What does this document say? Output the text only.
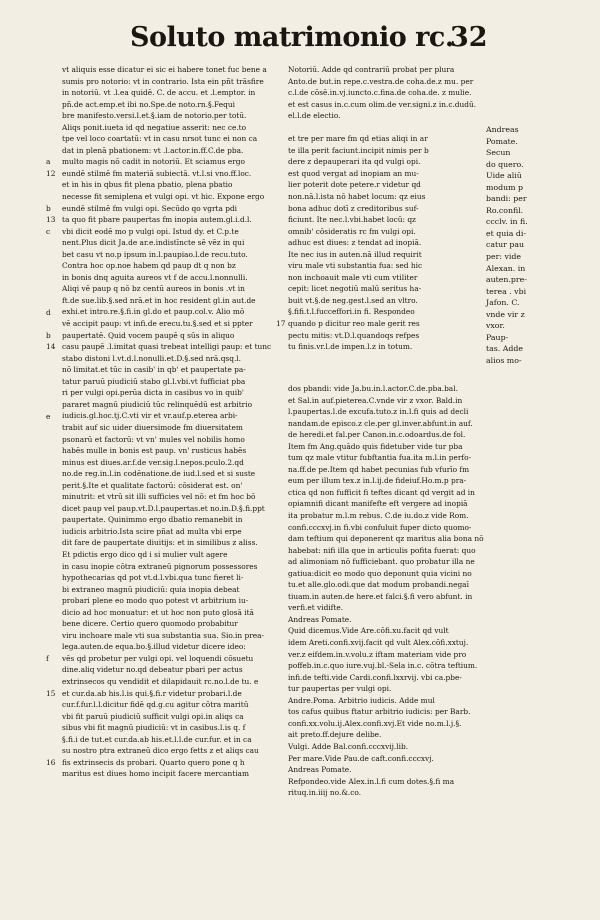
Soluto matrimonio rc.
32
a
12
b
13
c
d
b
14
e
f
15
16
vt aliquis esse dicatur ei sic ei habere tonet fuc bene a
sumis pro notorio: vt in contrario. Ista ein pñt trāsfire
in notoriū. vt .l.ea quidē. C. de accu. et .l.emptor. in
pñ.de act.emp.et ibi no.Spe.de noto.rn.§.Fequi
bre manifesto.versi.l.et.§.iam de notorio.per totū.
Aliqs ponit.iueta id qd negatiue asserit: nec ce.to
tpe vel loco coartatū: vt in casu nrsot tunc ei non ca
dat in plenā pbationem: vt .l.actor.in.ff.C.de pba.
multo magis nō cadit in notoriū. Et sciamus ergo
eundē stilmē fm materiā subiectā. vt.l.si vno.ff.loc.
et in his in qbus fit plena pbatio, plena pbatio
necesse fit semiplena et vulgi opi. vt hic. Expone ergo
eundē stilmē fm vulgi opi. Secūdo qo vgrta pdi
ta quo fit pbare paupertas fm inopia autem.gl.i.d.l.
vbi dicit eodē mo p vulgi opi. Istud dy. et C.p.te
nent.Plus dicit Ja.de ar.e.indistīncte sē vēz in qui
bet casu vt no.p ipsum in.l.paupiao.l.de recu.tuto.
Contra hoc op.noe habem qd paup dt q non bz
in bonis dnq aguita aureos vt f de accu.l.nonnulli.
Aliqi vē paup q nō bz centū aureos in bonis .vt in
ft.de sue.lib.§.sed nrā.et in hoc resident gl.in aut.de
exhi.et intro.re.§.fi.in gl.do et paup.col.v. Alio mō
vē accipit paup: vt infi.de erecu.tu.§.sed et si ppter
paupertatē. Quid vocem paupē q sūs in aliquo
casu paupē .l.imitat quasi trebeat intelligi paup: et tunc
stabo distoni l.vt.d.l.nonulli.et.D.§.sed nrā.qsq.l.
nō limitat.et tūc in casib' in qb' et paupertate pa-
tatur paruū piudiciū stabo gl.l.vbi.vt fufficiat pba
ri per vulgi opi.perūa dicta in casibus vo in quib'
pararet magnū piudiciū tūc relinquēdū est arbitrio
iudicis.gl.hoc.tj.C.vti vir et vr.auf.p.eterea arbi-
trabit auf sic uider diuersimode fm diuersitatem
psonarū et factorū: vt vn' mules vel nobilis homo
habēs mulle in bonis est paup. vn' rusticus habēs
minus est diues.ar.f.de ver.sig.l.nepos.pculo.2.qd
no.de reg.in.l.in codēnatione.de iud.l.sed et si suste
perit.§.Ite et qualitate factorū: cōsiderat est. on'
minutrit: et vtrū sit illi sufficies vel nō: et fm hoc bō
dicet paup vel paup.vt.D.l.paupertas.et no.in.D.§.fi.ppt
paupertate. Quinimmo ergo dbatio remanebit in
iudicis arbitrio.Ista scire pñat ad multa vbi erpe
dit fare de paupertate diuitijs: et in similibus z aliss.
Et pdictis ergo dico qd i si mulier vult agere
in casu inopie cōtra extraneū pignorum possessores
hypothecarias qd pot vt.d.l.vbi.qua tunc fieret li-
bi extraneo magnū piudiciū: quia inopia debeat
probari plene eo modo quo potest vt arbitrium iu-
dicio ad hoc monuatur: et ut hoc non puto glosā itā
bene dicere. Certio quero quomodo probabitur
viru inchoare male vti sua substantia sua. Sio.in prea-
lega.auten.de equa.bo.§.illud videtur dicere ideo:
vēs qd probetur per vulgi opi. vel loquendi cōsuetu
dine.aliq videtur no.qd debeatur pbari per actus
extrinsecos qu vendidit et dilapidauit rc.no.l.de tu. e
et cur.da.ab his.l.is qui.§.fi.r videtur probari.l.de
cur.f.fur.l.l.dicitur fidē qd.g.cu agitur cōtra maritū
vbi fit paruū piudiciū sufficit vulgi opi.in aliqs ca
sibus vbi fit magnū piudiciū: vt in casibus.l.is q. f
§.fi.i de tut.et cur.da.ab his.et.l.l.de cur.fur. et in ca
su nostro ptra extraneū dico ergo fetts z et aliqs cau
fis extrinsecis ds probari. Quarto quero pone q h
maritus est diues homo incipit facere mercantiam
Notoriū. Adde qd contrariū probat per plura
Anto.de but.in repe.c.vestra.de coha.de.z mu. per
c.l.de cōsē.in.vj.iuncto.c.fina.de coha.de. z mulie.
et est casus in.c.cum olim.de ver.signi.z in.c.dudū.
el.l.de electio.
et tre per mare fm qd etias aliqi in ar
te illa perit faciunt.incipit nimis per b
dere z depauperari ita qd vulgi opi.
est quod vergat ad inopiam an mu-
lier poterit dote petere.r videtur qd
non.nā.l.ista nō habet locum: qz eius
bona adhuc dotī z creditoribus suf-
ficiunt. Ite nec.l.vbi.habet locū: qz
omnib' cōsideratis rc fm vulgi opi.
adhuc est diues: z tendat ad inopiā.
Ite nec ius in auten.nā illud requirit
viru male vti substantia fua: sed hic
non inchoauit male vti cum vtiliter
cepit: licet negotiū malū seritus ha-
buit vt.§.de neg.gest.l.sed an vltro.
§.fifi.t.l.fucceffori.in fi. Respondeo
quando p dicitur reo male gerit res
pectu mitis: vt.D.l.quandoqs refpes
tu finis.vr.l.de impen.l.z in totum.
17
dos pbandi: vide Ja.bu.in.l.actor.C.de.pba.bal.
et Sal.in auf.pieterea.C.vnde vir z vxor. Bald.in
l.paupertas.l.de excufa.tuto.z in.l.fi quis ad decli
nandam.de episco.z cle.per gl.inver.abfunt.in auf.
de heredi.et fal.per Canon.in.c.odoardus.de fol.
Item fm Ang.quādo quis fidetuber vide tur pba
tum qz male vtitur fubftantia fua.ita m.l.in perfo-
na.ff.de pe.Item qd habet pecunias fub vfurīo fm
eum per illum tex.z in.l.ij.de fideiuf.Ho.m.p pra-
ctica qd non fufficit fi teftes dicant qd vergit ad in
opiamnifi dicant manifefte eft vergere ad inopiā
ita probatur m.l.m rebus. C.de iu.do.z vide Rom.
confi.cccxvj.in fi.vbi confuluit fuper dicto quomo-
dam teftium qui deponerent qz maritus alia bona nō
habebat: nifi illa que in articulis pofita fuerat: quo
ad alimoniam nō fufficiebant. quo probatur illa ne
gatiua:dicit eo modo quo deponunt quia vicini no
tu.et alle.glo.odi.que dat modum probandi.negaī
tiuam.in auten.de here.et falci.§.fi vero abfunt. in
verfi.et vidifte.
Andreas Pomate.
Quid dicemus.Vide Are.cōfi.xu.facit qd vult
idem Areti.confi.xvij.facit qd vult Alex.cōfi.xxtuj.
ver.z eifdem.in.v.volu.z iftam materiam vide pro
poffeb.in.c.quo iure.vuj.bl.-Sela in.c. cōtra teftium.
infi.de tefti.vide Cardi.confi.lxxrvij. vbi ca.pbe-
tur paupertas per vulgi opi.
Andre.Poma. Arbitrio iudicis. Adde mul
tos cafus quibus ftatur arbitrio iudicis: per Barb.
confi.xx.volu.ij.Alex.confi.xvj.Et vide no.m.l.j.§.
ait preto.ff.dejure delibe.
Vulgi. Adde Bal.confi.cccxvij.lib.
Per mare.Vide Pau.de caft.confi.cccxvj.
Andreas Pomate.
Refpondeo.vide Alex.in.l.fi cum dotes.§.fi ma
rituq.in.iiij no.&.co.
Andreas
Pomate.
Secun
do quero.
Uide aliū
modum p
bandi: per
Ro.confil.
ccclv. in fi.
et quia di-
catur pau
per: vide
Alexan. in
auten.pre-
terea . vbi
Jafon. C.
vnde vir z
vxor.
Paup-
tas. Adde
alios mo-
